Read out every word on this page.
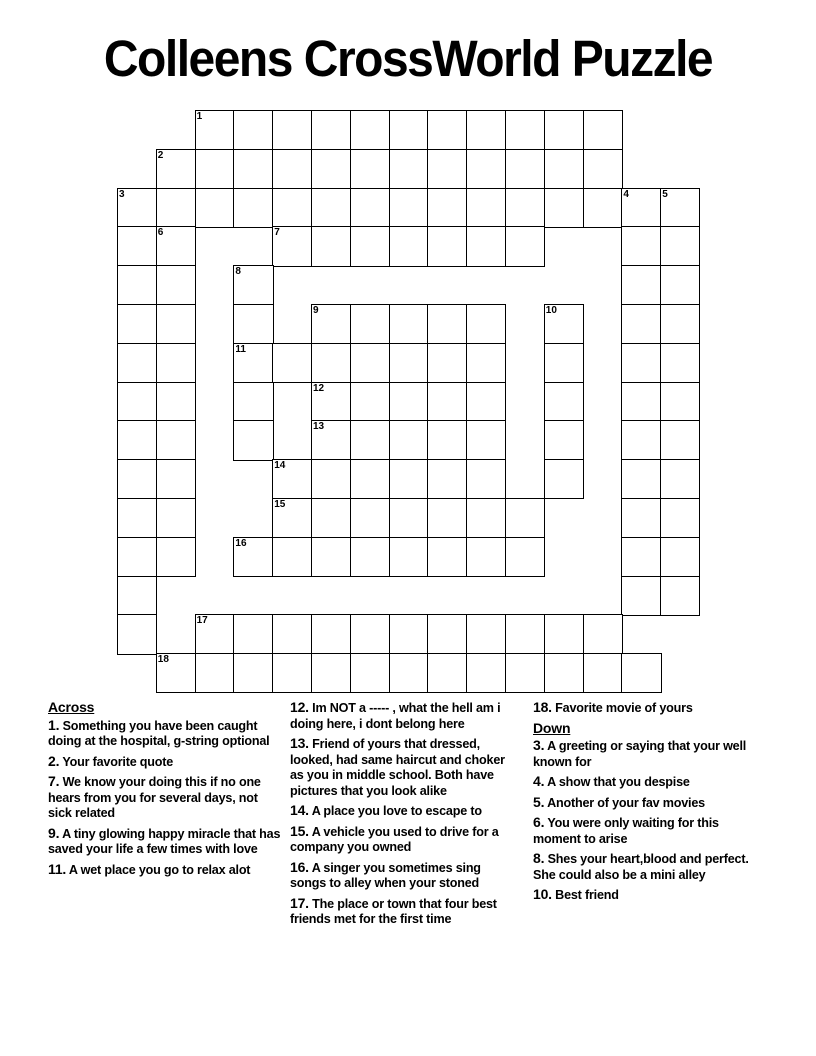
Colleens CrossWorld Puzzle
1
2
3	4	5
6	7
8
9	10
11
12
13
14
15
16
17
18
Across
1. Something you have been caught doing at the hospital, g-string optional
2. Your favorite quote
7. We know your doing this if no one hears from you for several days, not sick related
9. A tiny glowing happy miracle that has saved your life a few times with love
11. A wet place you go to relax alot
12. Im NOT a ----- , what the hell am i doing here, i dont belong here
13. Friend of yours that dressed, looked, had same haircut and choker as you in middle school. Both have pictures that you look alike
14. A place you love to escape to
15. A vehicle you used to drive for a company you owned
16. A singer you sometimes sing songs to alley when your stoned
17. The place or town that four best friends met for the first time
18. Favorite movie of yours
Down
3. A greeting or saying that your well known for
4. A show that you despise
5. Another of your fav movies
6. You were only waiting for this moment to arise
8. Shes your heart,blood and perfect. She could also be a mini alley
10. Best friend
